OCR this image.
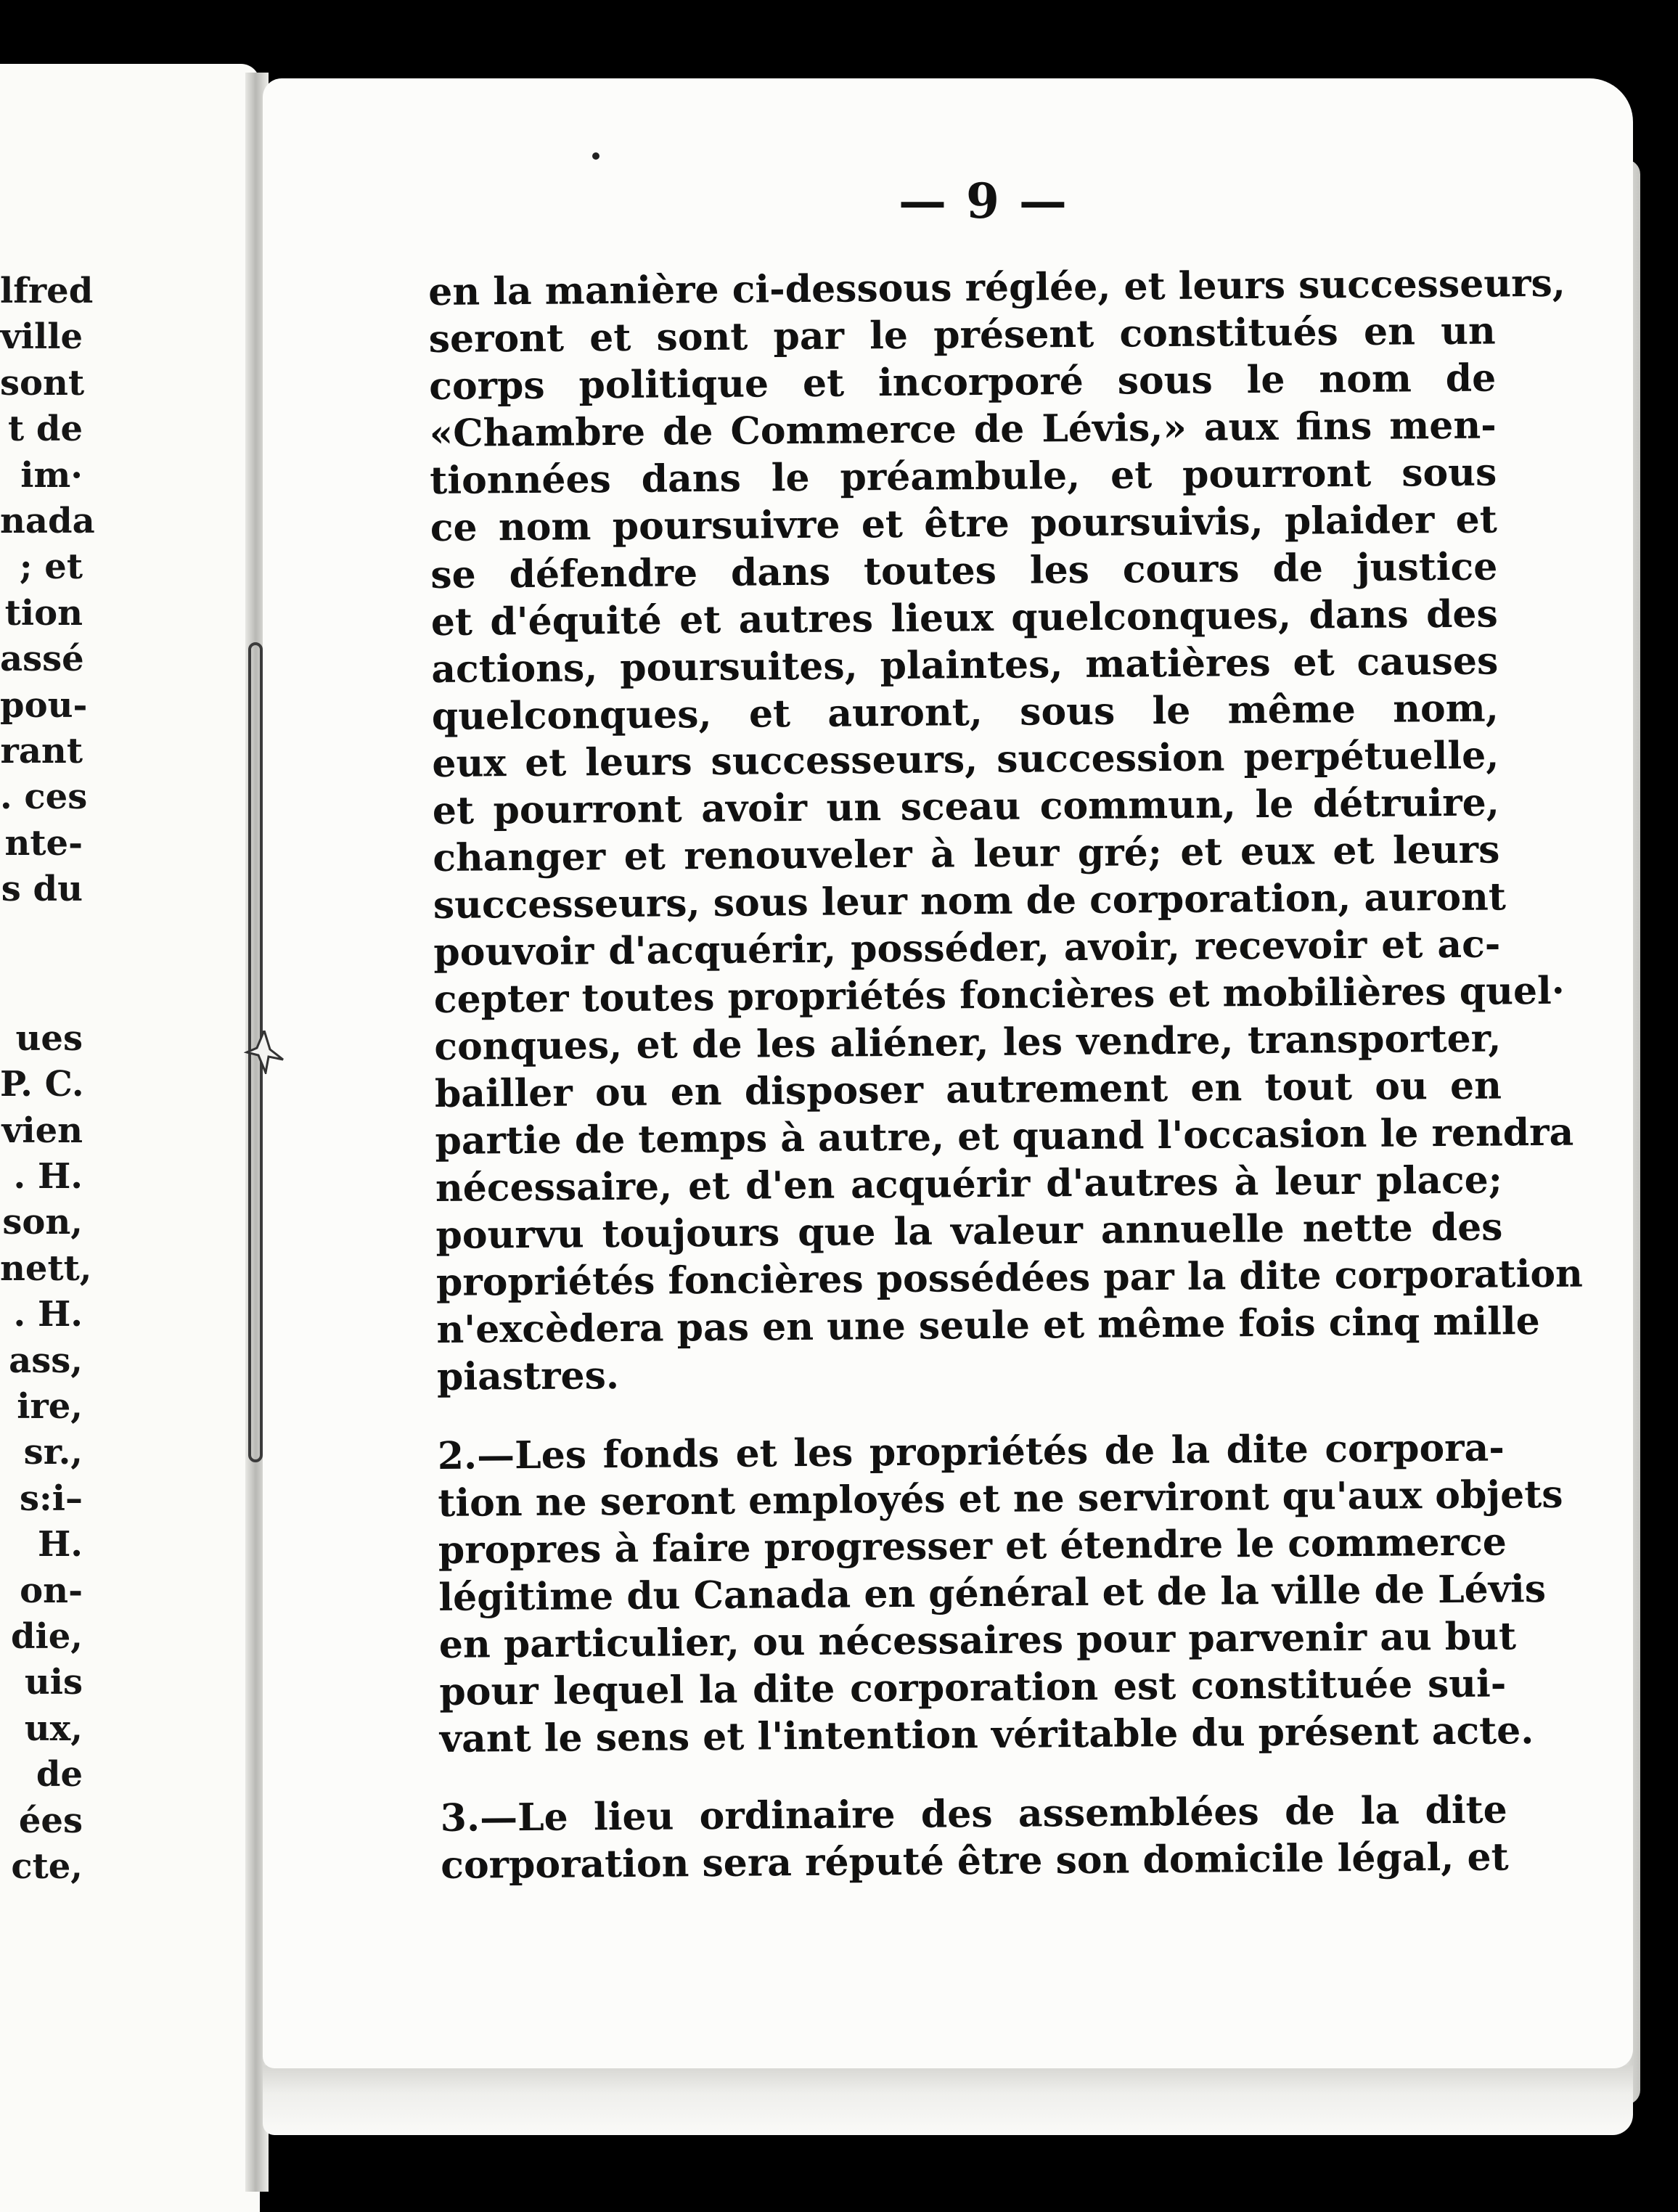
lfred
ville
sont
t de
im·
nada
; et
tion
assé
pou-
rant
. ces
nte-
s du
ues
P. C.
vien
. H.
son,
nett,
. H.
ass,
ire,
sr.,
s:i–
H.
on-
die,
uis
ux,
de
ées
cte,
— 9 —
en la manière ci-dessous réglée, et leurs successeurs,
seront et sont par le présent constitués en un
corps politique et incorporé sous le nom de
«Chambre de Commerce de Lévis,» aux fins men-
tionnées dans le préambule, et pourront sous
ce nom poursuivre et être poursuivis, plaider et
se défendre dans toutes les cours de justice
et d'équité et autres lieux quelconques, dans des
actions, poursuites, plaintes, matières et causes
quelconques, et auront, sous le même nom,
eux et leurs successeurs, succession perpétuelle,
et pourront avoir un sceau commun, le détruire,
changer et renouveler à leur gré; et eux et leurs
successeurs, sous leur nom de corporation, auront
pouvoir d'acquérir, posséder, avoir, recevoir et ac-
cepter toutes propriétés foncières et mobilières quel·
conques, et de les aliéner, les vendre, transporter,
bailler ou en disposer autrement en tout ou en
partie de temps à autre, et quand l'occasion le rendra
nécessaire, et d'en acquérir d'autres à leur place;
pourvu toujours que la valeur annuelle nette des
propriétés foncières possédées par la dite corporation
n'excèdera pas en une seule et même fois cinq mille
piastres.
2.—Les fonds et les propriétés de la dite corpora-
tion ne seront employés et ne serviront qu'aux objets
propres à faire progresser et étendre le commerce
légitime du Canada en général et de la ville de Lévis
en particulier, ou nécessaires pour parvenir au but
pour lequel la dite corporation est constituée sui-
vant le sens et l'intention véritable du présent acte.
3.—Le lieu ordinaire des assemblées de la dite
corporation sera réputé être son domicile légal, et
